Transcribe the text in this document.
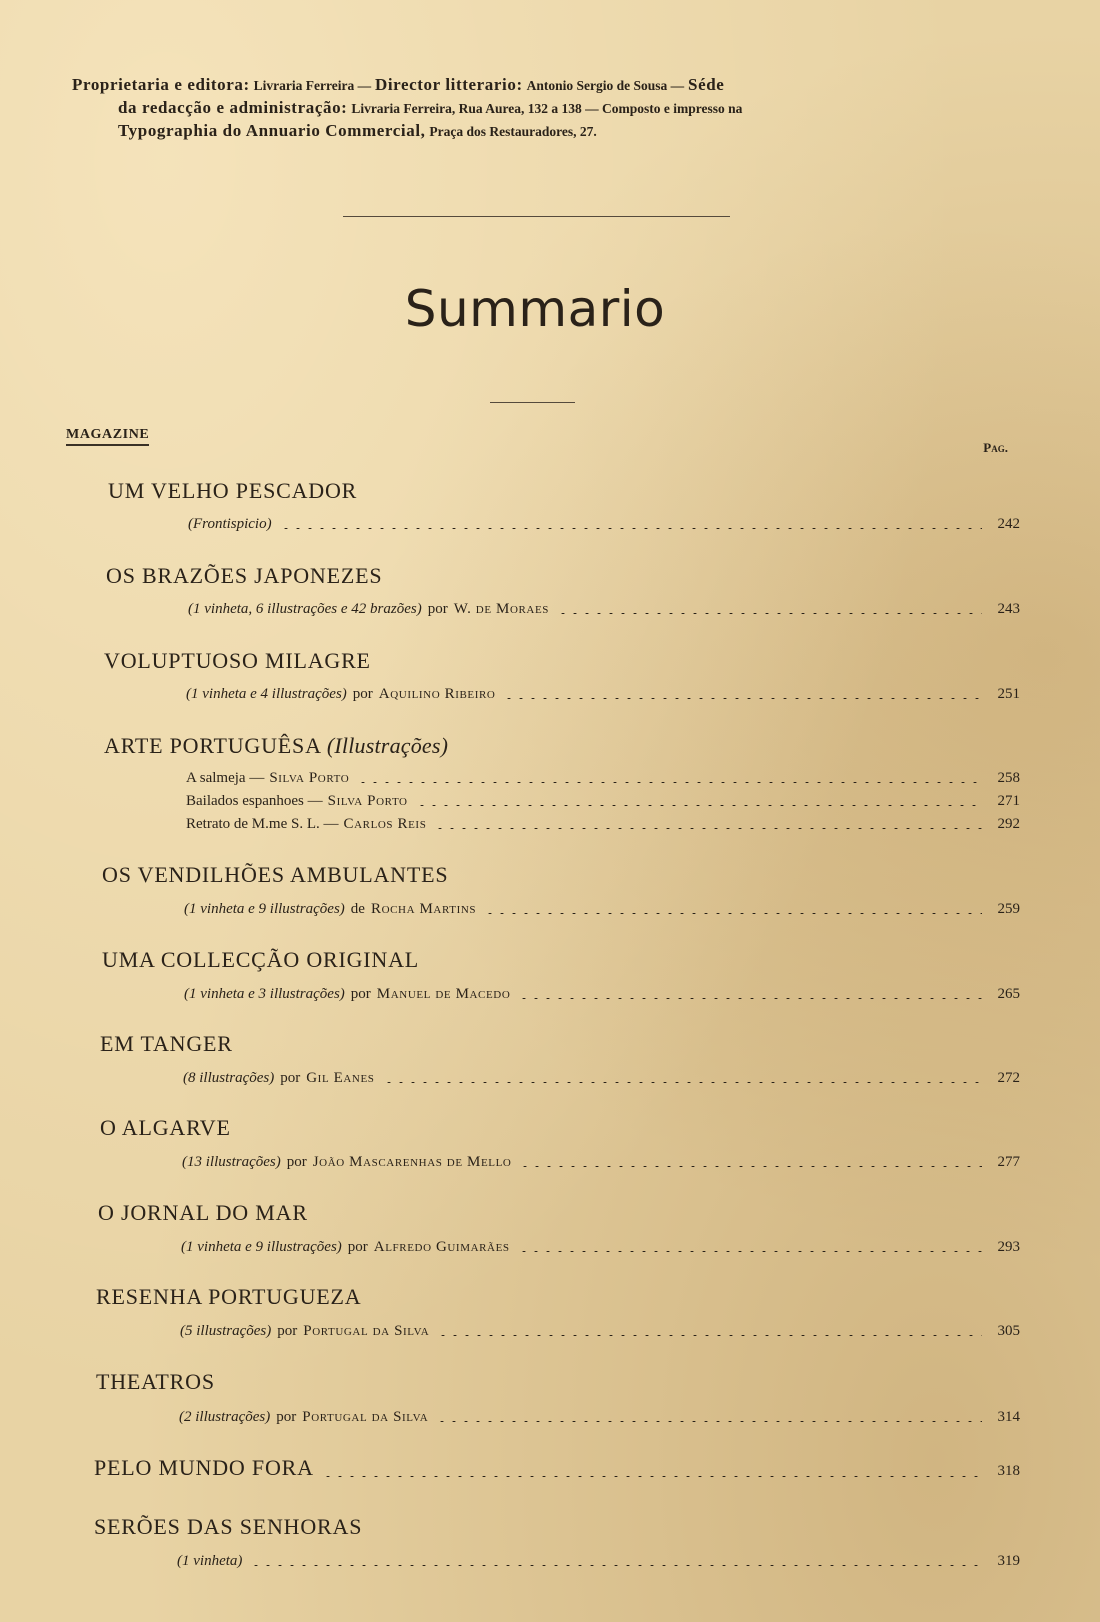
Proprietaria e editora: Livraria Ferreira — Director litterario: Antonio Sergio de Sousa — Séde
da redacção e administração: Livraria Ferreira, Rua Aurea, 132 a 138 — Composto e impresso na
Typographia do Annuario Commercial, Praça dos Restauradores, 27.
Summario
MAGAZINE
Pag.
UM VELHO PESCADOR
(Frontispicio)	242
OS BRAZÕES JAPONEZES
(1 vinheta, 6 illustrações e 42 brazões) por W. de Moraes	243
VOLUPTUOSO MILAGRE
(1 vinheta e 4 illustrações) por Aquilino Ribeiro	251
ARTE PORTUGUÊSA (Illustrações)
A salmeja — Silva Porto	258
Bailados espanhoes — Silva Porto	271
Retrato de M.me S. L. — Carlos Reis	292
OS VENDILHÕES AMBULANTES
(1 vinheta e 9 illustrações) de Rocha Martins	259
UMA COLLECÇÃO ORIGINAL
(1 vinheta e 3 illustrações) por Manuel de Macedo	265
EM TANGER
(8 illustrações) por Gil Eanes	272
O ALGARVE
(13 illustrações) por João Mascarenhas de Mello	277
O JORNAL DO MAR
(1 vinheta e 9 illustrações) por Alfredo Guimarães	293
RESENHA PORTUGUEZA
(5 illustrações) por Portugal da Silva	305
THEATROS
(2 illustrações) por Portugal da Silva	314
PELO MUNDO FORA	318
SERÕES DAS SENHORAS
(1 vinheta)	319
